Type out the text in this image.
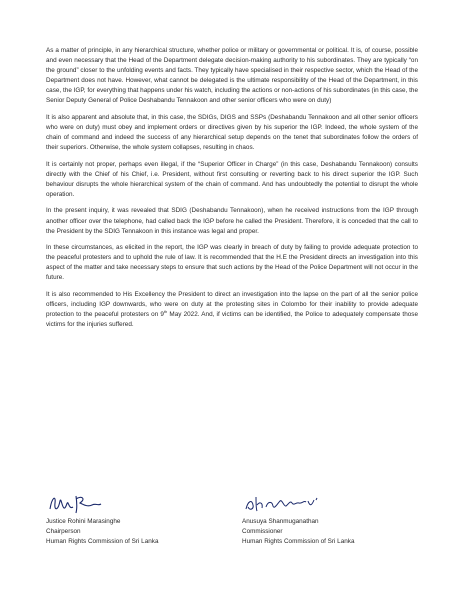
As a matter of principle, in any hierarchical structure, whether police or military or governmental or political. It is, of course, possible and even necessary that the Head of the Department delegate decision-making authority to his subordinates. They are typically “on the ground” closer to the unfolding events and facts. They typically have specialised in their respective sector, which the Head of the Department does not have. However, what cannot be delegated is the ultimate responsibility of the Head of the Department, in this case, the IGP, for everything that happens under his watch, including the actions or non-actions of his subordinates (in this case, the Senior Deputy General of Police Deshabandu Tennakoon and other senior officers who were on duty)

It is also apparent and absolute that, in this case, the SDIGs, DIGS and SSPs (Deshabandu Tennakoon and all other senior officers who were on duty) must obey and implement orders or directives given by his superior the IGP. Indeed, the whole system of the chain of command and indeed the success of any hierarchical setup depends on the tenet that subordinates follow the orders of their superiors. Otherwise, the whole system collapses, resulting in chaos.

It is certainly not proper, perhaps even illegal, if the “Superior Officer in Charge” (in this case, Deshabandu Tennakoon) consults directly with the Chief of his Chief, i.e. President, without first consulting or reverting back to his direct superior the IGP. Such behaviour disrupts the whole hierarchical system of the chain of command. And has undoubtedly the potential to disrupt the whole operation.

In the present inquiry, it was revealed that SDIG (Deshabandu Tennakoon), when he received instructions from the IGP through another officer over the telephone, had called back the IGP before he called the President. Therefore, it is conceded that the call to the President by the SDIG Tennakoon in this instance was legal and proper.

In these circumstances, as elicited in the report, the IGP was clearly in breach of duty by failing to provide adequate protection to the peaceful protesters and to uphold the rule of law. It is recommended that the H.E the President directs an investigation into this aspect of the matter and take necessary steps to ensure that such actions by the Head of the Police Department will not occur in the future.

It is also recommended to His Excellency the President to direct an investigation into the lapse on the part of all the senior police officers, including IGP downwards, who were on duty at the protesting sites in Colombo for their inability to provide adequate protection to the peaceful protesters on 9th May 2022. And, if victims can be identified, the Police to adequately compensate those victims for the injuries suffered.

Justice Rohini Marasinghe

Chairperson

Human Rights Commission of Sri Lanka

Anusuya Shanmuganathan

Commissioner

Human Rights Commission of Sri Lanka
